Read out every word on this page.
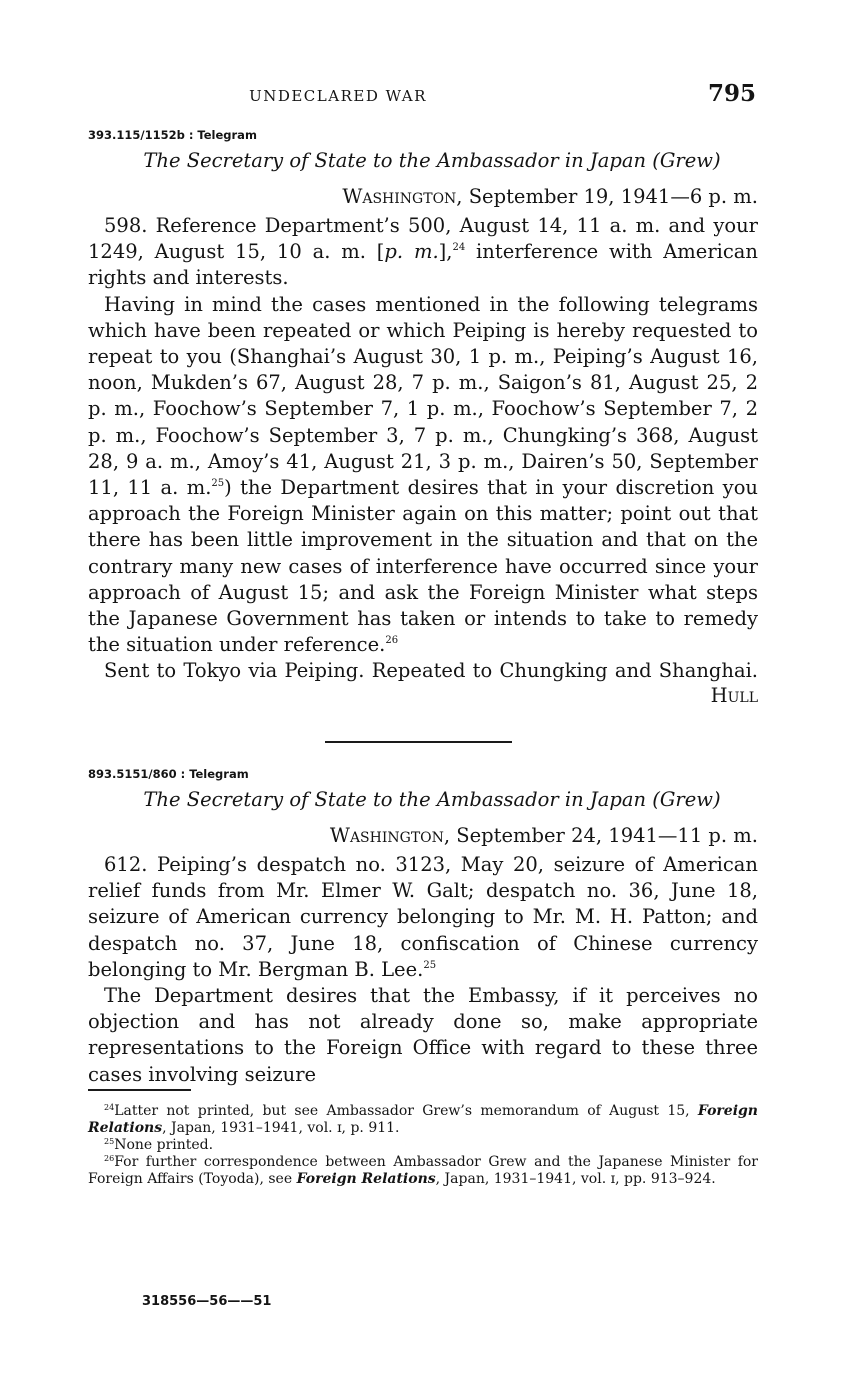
UNDECLARED WAR	795
393.115/1152b : Telegram
The Secretary of State to the Ambassador in Japan (Grew)
Washington, September 19, 1941—6 p. m.

598. Reference Department’s 500, August 14, 11 a. m. and your 1249, August 15, 10 a. m. [p. m.],$^{24}$ interference with American rights and interests.

Having in mind the cases mentioned in the following telegrams which have been repeated or which Peiping is hereby requested to repeat to you (Shanghai’s August 30, 1 p. m., Peiping’s August 16, noon, Mukden’s 67, August 28, 7 p. m., Saigon’s 81, August 25, 2 p. m., Foochow’s September 7, 1 p. m., Foochow’s September 7, 2 p. m., Foochow’s September 3, 7 p. m., Chungking’s 368, August 28, 9 a. m., Amoy’s 41, August 21, 3 p. m., Dairen’s 50, September 11, 11 a. m.$^{25}$) the Department desires that in your discretion you approach the Foreign Minister again on this matter; point out that there has been little improvement in the situation and that on the contrary many new cases of interference have occurred since your approach of August 15; and ask the Foreign Minister what steps the Japanese Government has taken or intends to take to remedy the situation under reference.$^{26}$

Sent to Tokyo via Peiping. Repeated to Chungking and Shanghai.

Hull
893.5151/860 : Telegram
The Secretary of State to the Ambassador in Japan (Grew)
Washington, September 24, 1941—11 p. m.

612. Peiping’s despatch no. 3123, May 20, seizure of American relief funds from Mr. Elmer W. Galt; despatch no. 36, June 18, seizure of American currency belonging to Mr. M. H. Patton; and despatch no. 37, June 18, confiscation of Chinese currency belonging to Mr. Bergman B. Lee.$^{25}$

The Department desires that the Embassy, if it perceives no objection and has not already done so, make appropriate representations to the Foreign Office with regard to these three cases involving seizure

$^{24}$Latter not printed, but see Ambassador Grew’s memorandum of August 15, Foreign Relations, Japan, 1931–1941, vol. ɪ, p. 911.

$^{25}$None printed.

$^{26}$For further correspondence between Ambassador Grew and the Japanese Minister for Foreign Affairs (Toyoda), see Foreign Relations, Japan, 1931–1941, vol. ɪ, pp. 913–924.

318556—56——51
